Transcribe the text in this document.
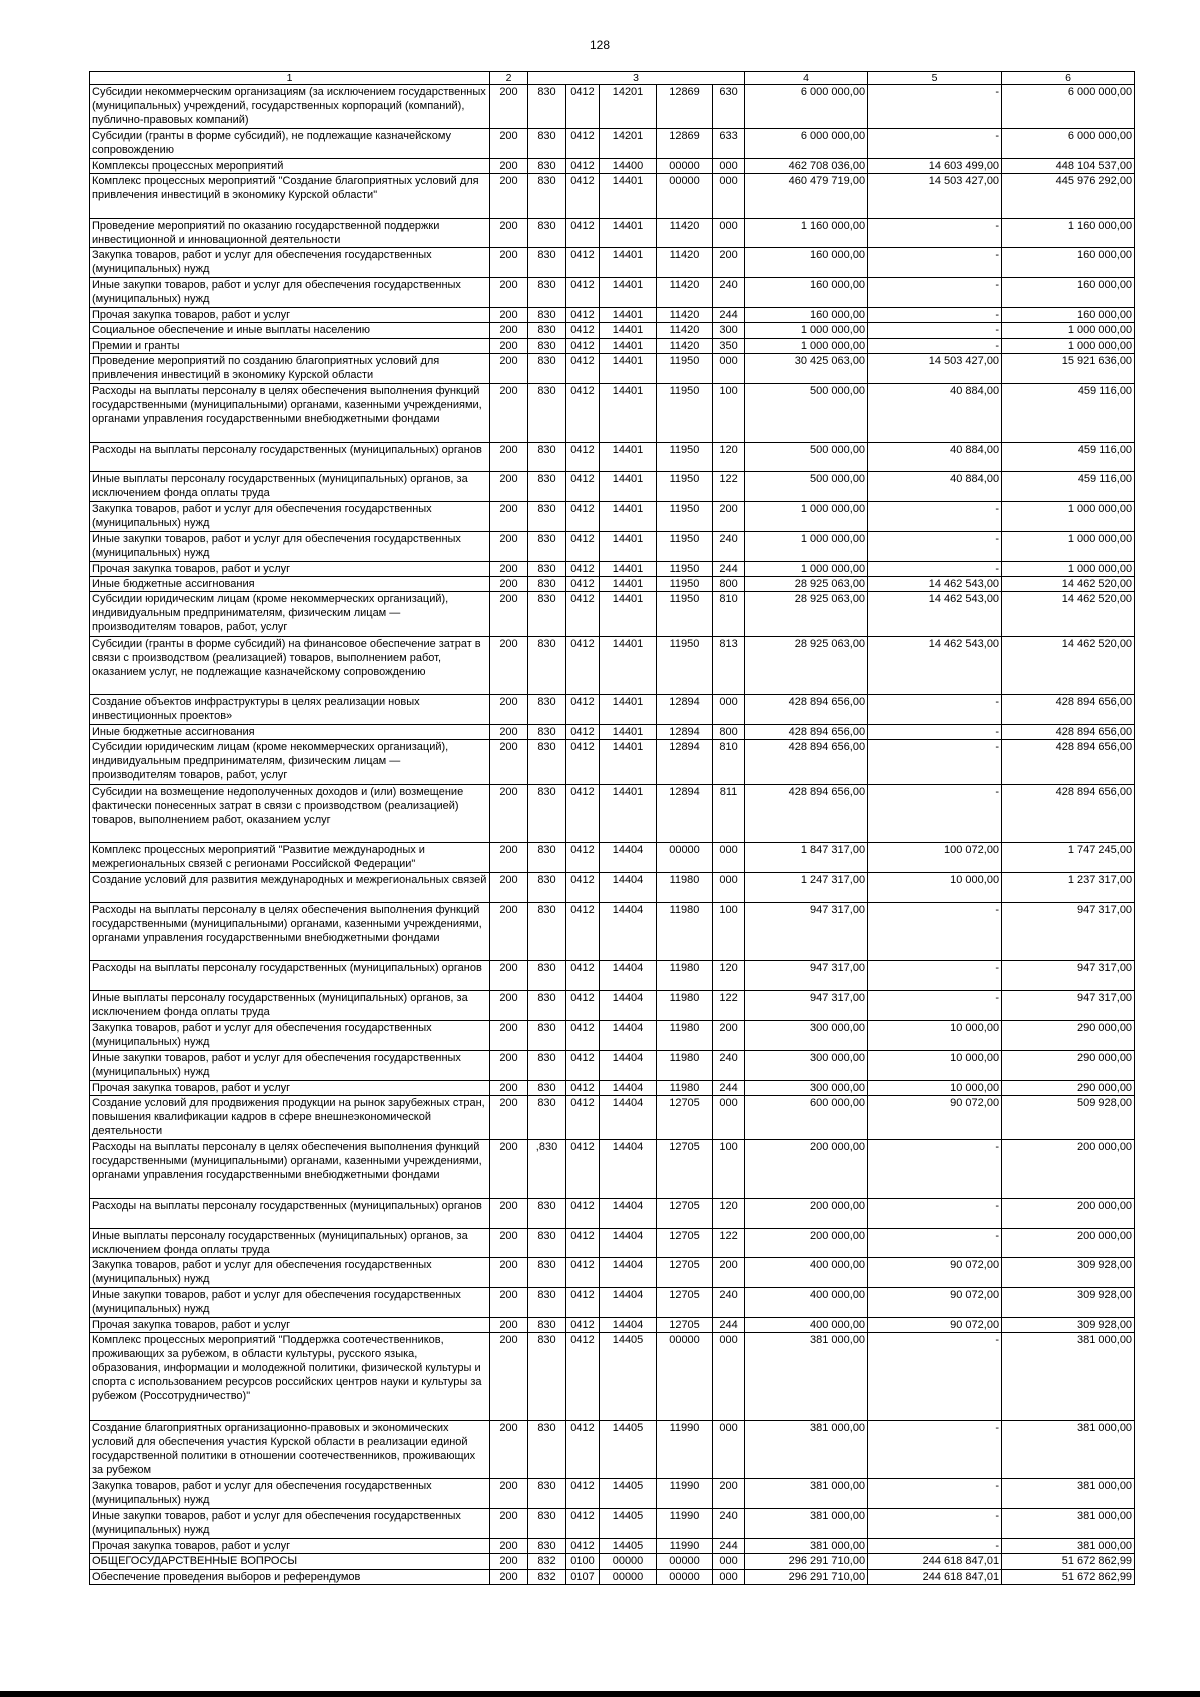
128
1	2	3					4	5	6
Субсидии некоммерческим организациям (за исключением государственных (муниципальных) учреждений, государственных корпораций (компаний), публично-правовых компаний)	200	830	0412	14201	12869	630	6 000 000,00	-	6 000 000,00
Субсидии (гранты в форме субсидий), не подлежащие казначейскому сопровождению	200	830	0412	14201	12869	633	6 000 000,00	-	6 000 000,00
Комплексы процессных мероприятий	200	830	0412	14400	00000	000	462 708 036,00	14 603 499,00	448 104 537,00
Комплекс процессных мероприятий "Создание благоприятных условий для привлечения инвестиций в экономику Курской области"	200	830	0412	14401	00000	000	460 479 719,00	14 503 427,00	445 976 292,00
Проведение мероприятий по оказанию государственной поддержки инвестиционной и инновационной деятельности	200	830	0412	14401	11420	000	1 160 000,00	-	1 160 000,00
Закупка товаров, работ и услуг для обеспечения государственных (муниципальных) нужд	200	830	0412	14401	11420	200	160 000,00	-	160 000,00
Иные закупки товаров, работ и услуг для обеспечения государственных (муниципальных) нужд	200	830	0412	14401	11420	240	160 000,00	-	160 000,00
Прочая закупка товаров, работ и услуг	200	830	0412	14401	11420	244	160 000,00	-	160 000,00
Социальное обеспечение и иные выплаты населению	200	830	0412	14401	11420	300	1 000 000,00	-	1 000 000,00
Премии и гранты	200	830	0412	14401	11420	350	1 000 000,00	-	1 000 000,00
Проведение мероприятий по созданию благоприятных условий для привлечения инвестиций в экономику Курской области	200	830	0412	14401	11950	000	30 425 063,00	14 503 427,00	15 921 636,00
Расходы на выплаты персоналу в целях обеспечения выполнения функций государственными (муниципальными) органами, казенными учреждениями, органами управления государственными внебюджетными фондами	200	830	0412	14401	11950	100	500 000,00	40 884,00	459 116,00
Расходы на выплаты персоналу государственных (муниципальных) органов	200	830	0412	14401	11950	120	500 000,00	40 884,00	459 116,00
Иные выплаты персоналу государственных (муниципальных) органов, за исключением фонда оплаты труда	200	830	0412	14401	11950	122	500 000,00	40 884,00	459 116,00
Закупка товаров, работ и услуг для обеспечения государственных (муниципальных) нужд	200	830	0412	14401	11950	200	1 000 000,00	-	1 000 000,00
Иные закупки товаров, работ и услуг для обеспечения государственных (муниципальных) нужд	200	830	0412	14401	11950	240	1 000 000,00	-	1 000 000,00
Прочая закупка товаров, работ и услуг	200	830	0412	14401	11950	244	1 000 000,00	-	1 000 000,00
Иные бюджетные ассигнования	200	830	0412	14401	11950	800	28 925 063,00	14 462 543,00	14 462 520,00
Субсидии юридическим лицам (кроме некоммерческих организаций), индивидуальным предпринимателям, физическим лицам — производителям товаров, работ, услуг	200	830	0412	14401	11950	810	28 925 063,00	14 462 543,00	14 462 520,00
Субсидии (гранты в форме субсидий) на финансовое обеспечение затрат в связи с производством (реализацией) товаров, выполнением работ, оказанием услуг, не подлежащие казначейскому сопровождению	200	830	0412	14401	11950	813	28 925 063,00	14 462 543,00	14 462 520,00
Создание объектов инфраструктуры в целях реализации новых инвестиционных проектов»	200	830	0412	14401	12894	000	428 894 656,00	-	428 894 656,00
Иные бюджетные ассигнования	200	830	0412	14401	12894	800	428 894 656,00	-	428 894 656,00
Субсидии юридическим лицам (кроме некоммерческих организаций), индивидуальным предпринимателям, физическим лицам — производителям товаров, работ, услуг	200	830	0412	14401	12894	810	428 894 656,00	-	428 894 656,00
Субсидии на возмещение недополученных доходов и (или) возмещение фактически понесенных затрат в связи с производством (реализацией) товаров, выполнением работ, оказанием услуг	200	830	0412	14401	12894	811	428 894 656,00	-	428 894 656,00
Комплекс процессных мероприятий "Развитие международных и межрегиональных связей с регионами Российской Федерации"	200	830	0412	14404	00000	000	1 847 317,00	100 072,00	1 747 245,00
Создание условий для развития международных и межрегиональных связей	200	830	0412	14404	11980	000	1 247 317,00	10 000,00	1 237 317,00
Расходы на выплаты персоналу в целях обеспечения выполнения функций государственными (муниципальными) органами, казенными учреждениями, органами управления государственными внебюджетными фондами	200	830	0412	14404	11980	100	947 317,00	-	947 317,00
Расходы на выплаты персоналу государственных (муниципальных) органов	200	830	0412	14404	11980	120	947 317,00	-	947 317,00
Иные выплаты персоналу государственных (муниципальных) органов, за исключением фонда оплаты труда	200	830	0412	14404	11980	122	947 317,00	-	947 317,00
Закупка товаров, работ и услуг для обеспечения государственных (муниципальных) нужд	200	830	0412	14404	11980	200	300 000,00	10 000,00	290 000,00
Иные закупки товаров, работ и услуг для обеспечения государственных (муниципальных) нужд	200	830	0412	14404	11980	240	300 000,00	10 000,00	290 000,00
Прочая закупка товаров, работ и услуг	200	830	0412	14404	11980	244	300 000,00	10 000,00	290 000,00
Создание условий для продвижения продукции на рынок зарубежных стран, повышения квалификации кадров в сфере внешнеэкономической деятельности	200	830	0412	14404	12705	000	600 000,00	90 072,00	509 928,00
Расходы на выплаты персоналу в целях обеспечения выполнения функций государственными (муниципальными) органами, казенными учреждениями, органами управления государственными внебюджетными фондами	200	,830	0412	14404	12705	100	200 000,00	-	200 000,00
Расходы на выплаты персоналу государственных (муниципальных) органов	200	830	0412	14404	12705	120	200 000,00	-	200 000,00
Иные выплаты персоналу государственных (муниципальных) органов, за исключением фонда оплаты труда	200	830	0412	14404	12705	122	200 000,00	-	200 000,00
Закупка товаров, работ и услуг для обеспечения государственных (муниципальных) нужд	200	830	0412	14404	12705	200	400 000,00	90 072,00	309 928,00
Иные закупки товаров, работ и услуг для обеспечения государственных (муниципальных) нужд	200	830	0412	14404	12705	240	400 000,00	90 072,00	309 928,00
Прочая закупка товаров, работ и услуг	200	830	0412	14404	12705	244	400 000,00	90 072,00	309 928,00
Комплекс процессных мероприятий "Поддержка соотечественников, проживающих за рубежом, в области культуры, русского языка, образования, информации и молодежной политики, физической культуры и спорта с использованием ресурсов российских центров науки и культуры за рубежом (Россотрудничество)"	200	830	0412	14405	00000	000	381 000,00	-	381 000,00
Создание благоприятных организационно-правовых и экономических условий для обеспечения участия Курской области в реализации единой государственной политики в отношении соотечественников, проживающих за рубежом	200	830	0412	14405	11990	000	381 000,00	-	381 000,00
Закупка товаров, работ и услуг для обеспечения государственных (муниципальных) нужд	200	830	0412	14405	11990	200	381 000,00	-	381 000,00
Иные закупки товаров, работ и услуг для обеспечения государственных (муниципальных) нужд	200	830	0412	14405	11990	240	381 000,00	-	381 000,00
Прочая закупка товаров, работ и услуг	200	830	0412	14405	11990	244	381 000,00	-	381 000,00
ОБЩЕГОСУДАРСТВЕННЫЕ ВОПРОСЫ	200	832	0100	00000	00000	000	296 291 710,00	244 618 847,01	51 672 862,99
Обеспечение проведения выборов и референдумов	200	832	0107	00000	00000	000	296 291 710,00	244 618 847,01	51 672 862,99
